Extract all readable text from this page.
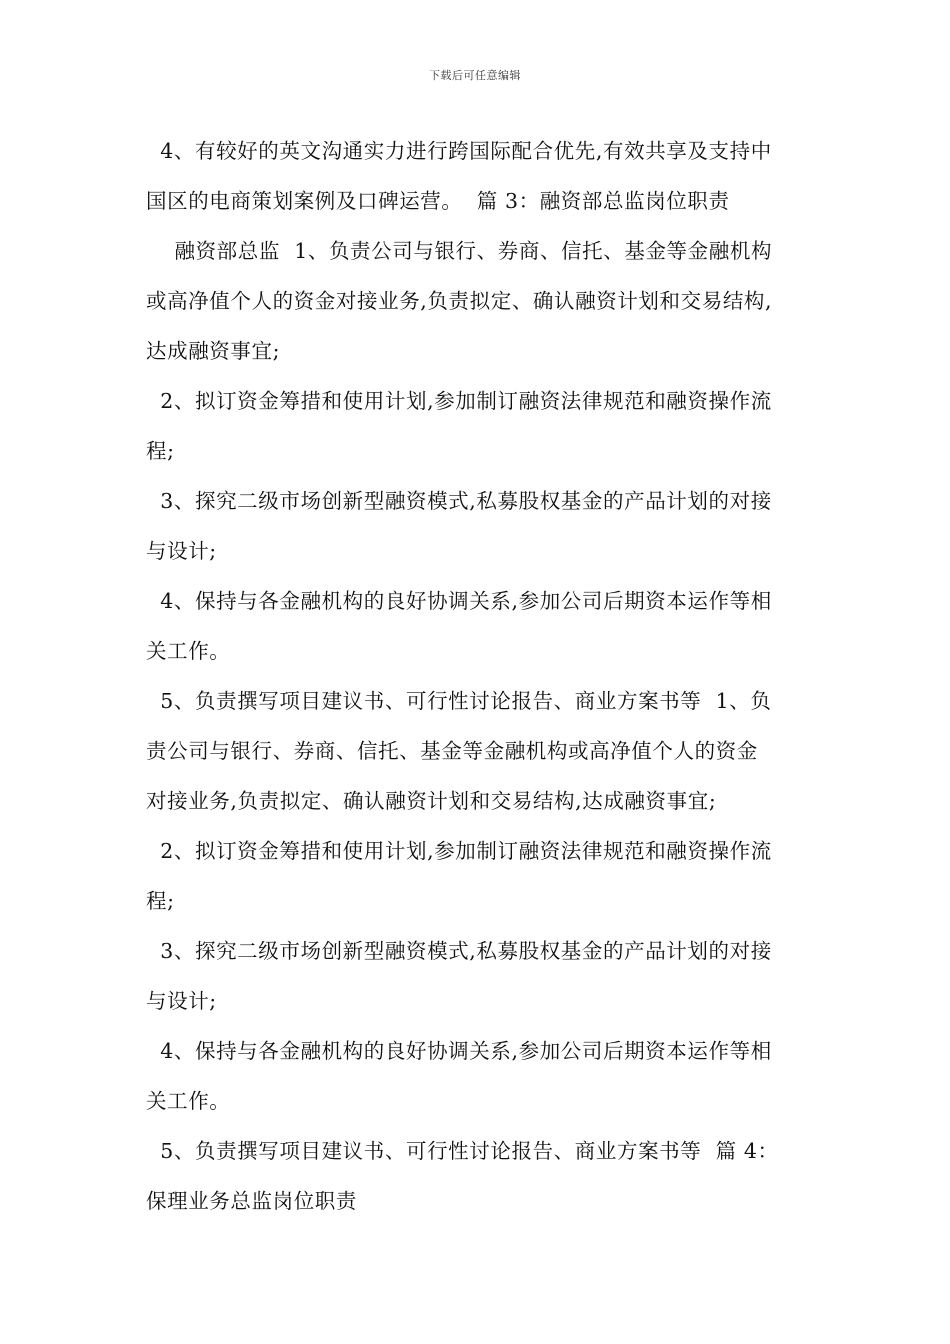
下载后可任意编辑
4、有较好的英文沟通实力进行跨国际配合优先,有效共享及支持中
国区的电商策划案例及口碑运营。  篇 3：融资部总监岗位职责
融资部总监  1、负责公司与银行、券商、信托、基金等金融机构
或高净值个人的资金对接业务,负责拟定、确认融资计划和交易结构,
达成融资事宜;
2、拟订资金筹措和使用计划,参加制订融资法律规范和融资操作流
程;
3、探究二级市场创新型融资模式,私募股权基金的产品计划的对接
与设计;
4、保持与各金融机构的良好协调关系,参加公司后期资本运作等相
关工作。
5、负责撰写项目建议书、可行性讨论报告、商业方案书等  1、负
责公司与银行、券商、信托、基金等金融机构或高净值个人的资金
对接业务,负责拟定、确认融资计划和交易结构,达成融资事宜;
2、拟订资金筹措和使用计划,参加制订融资法律规范和融资操作流
程;
3、探究二级市场创新型融资模式,私募股权基金的产品计划的对接
与设计;
4、保持与各金融机构的良好协调关系,参加公司后期资本运作等相
关工作。
5、负责撰写项目建议书、可行性讨论报告、商业方案书等  篇 4：
保理业务总监岗位职责
